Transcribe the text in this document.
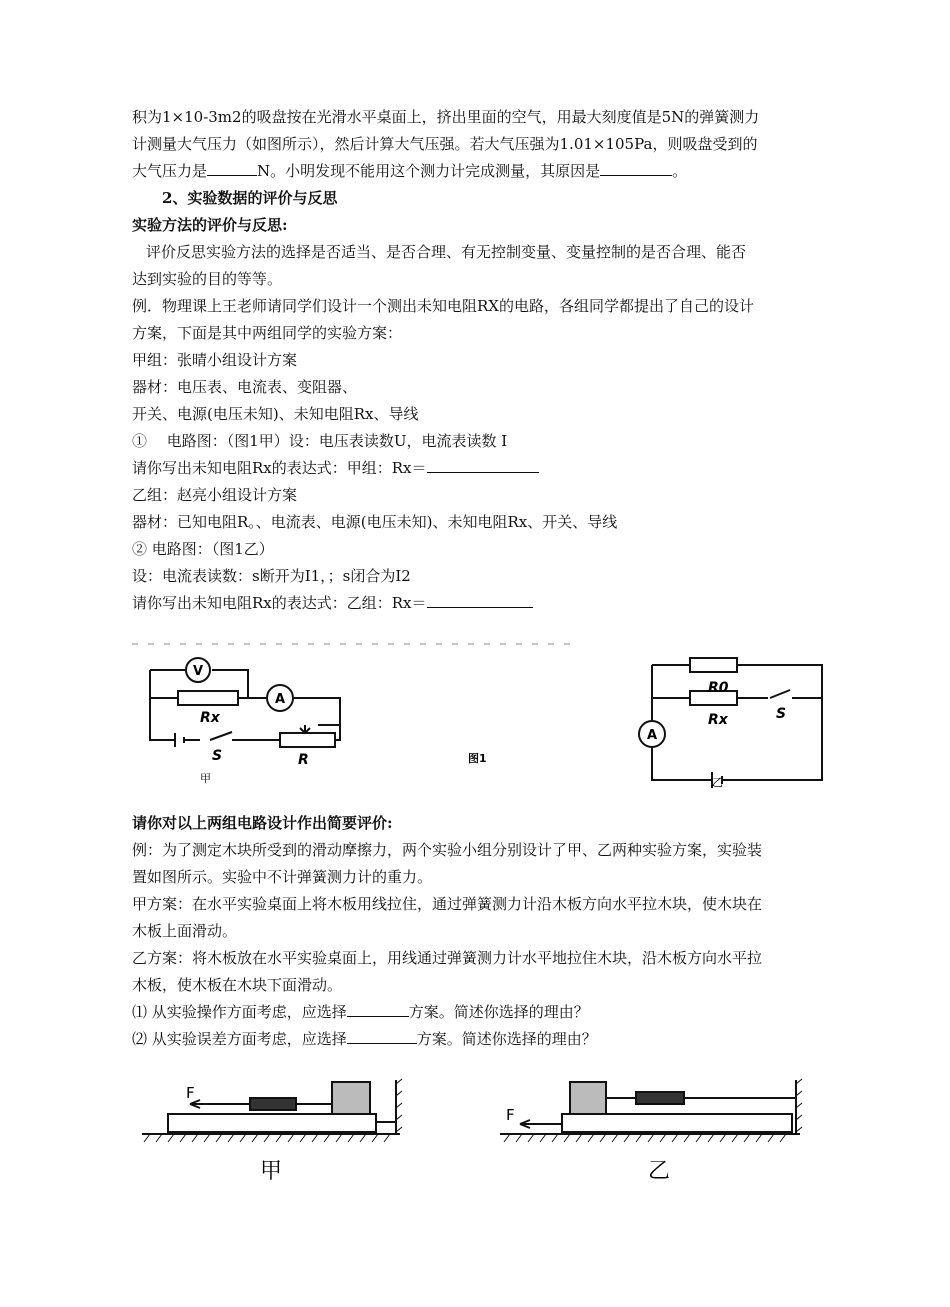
积为1×10-3m2的吸盘按在光滑水平桌面上，挤出里面的空气，用最大刻度值是5N的弹簧测力
计测量大气压力（如图所示），然后计算大气压强。若大气压强为1.01×105Pa，则吸盘受到的
大气压力是	N。小明发现不能用这个测力计完成测量，其原因是	。
2、实验数据的评价与反思
实验方法的评价与反思:
评价反思实验方法的选择是否适当、是否合理、有无控制变量、变量控制的是否合理、能否
达到实验的目的等等。
例．物理课上王老师请同学们设计一个测出未知电阻RX的电路，各组同学都提出了自己的设计
方案，下面是其中两组同学的实验方案：
甲组：张晴小组设计方案
器材：电压表、电流表、变阻器、
开关、电源(电压未知)、未知电阻Rx、导线
①　 电路图：（图1甲）设：电压表读数U，电流表读数 I
请你写出未知电阻Rx的表达式：甲组：Rx＝
乙组：赵亮小组设计方案
器材：已知电阻R。、电流表、电源(电压未知)、未知电阻Rx、开关、导线
② 电路图：（图1乙）
设：电流表读数：s断开为I1，；s闭合为I2
请你写出未知电阻Rx的表达式：乙组：Rx＝
V
A
Rx
S	R
甲
图1
R0
Rx	S
A
乙
请你对以上两组电路设计作出简要评价:
例：为了测定木块所受到的滑动摩擦力，两个实验小组分别设计了甲、乙两种实验方案，实验装
置如图所示。实验中不计弹簧测力计的重力。
甲方案：在水平实验桌面上将木板用线拉住，通过弹簧测力计沿木板方向水平拉木块，使木块在
木板上面滑动。
乙方案：将木板放在水平实验桌面上，用线通过弹簧测力计水平地拉住木块，沿木板方向水平拉
木板，使木板在木块下面滑动。
⑴ 从实验操作方面考虑，应选择	方案。简述你选择的理由？
⑵ 从实验误差方面考虑，应选择	方案。简述你选择的理由？
F
甲
F
乙
